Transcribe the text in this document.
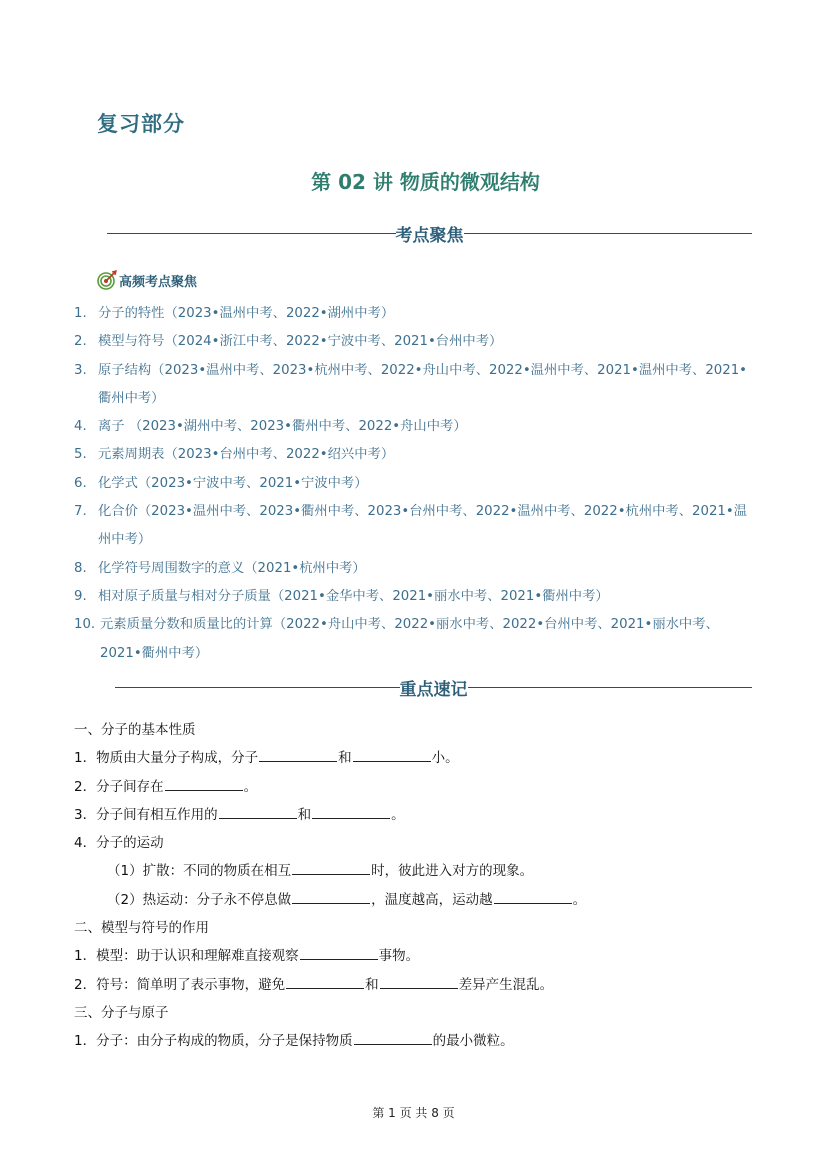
复习部分
第 02 讲 物质的微观结构
考点聚焦
高频考点聚焦
1. 分子的特性（2023•温州中考、2022•湖州中考）
2. 模型与符号（2024•浙江中考、2022•宁波中考、2021•台州中考）
3. 原子结构（2023•温州中考、2023•杭州中考、2022•舟山中考、2022•温州中考、2021•温州中考、2021•衢州中考）
4. 离子 （2023•湖州中考、2023•衢州中考、2022•舟山中考）
5. 元素周期表（2023•台州中考、2022•绍兴中考）
6. 化学式（2023•宁波中考、2021•宁波中考）
7. 化合价（2023•温州中考、2023•衢州中考、2023•台州中考、2022•温州中考、2022•杭州中考、2021•温州中考）
8. 化学符号周围数字的意义（2021•杭州中考）
9. 相对原子质量与相对分子质量（2021•金华中考、2021•丽水中考、2021•衢州中考）
10. 元素质量分数和质量比的计算（2022•舟山中考、2022•丽水中考、2022•台州中考、2021•丽水中考、2021•衢州中考）
重点速记
一、分子的基本性质
1．物质由大量分子构成，分子	和	小。
2．分子间存在	。
3．分子间有相互作用的	和	。
4．分子的运动
（1）扩散：不同的物质在相互	时，彼此进入对方的现象。
（2）热运动：分子永不停息做	，温度越高，运动越	。
二、模型与符号的作用
1．模型：助于认识和理解难直接观察	事物。
2．符号：简单明了表示事物，避免	和	差异产生混乱。
三、分子与原子
1．分子：由分子构成的物质，分子是保持物质	的最小微粒。
第 1 页 共 8 页
